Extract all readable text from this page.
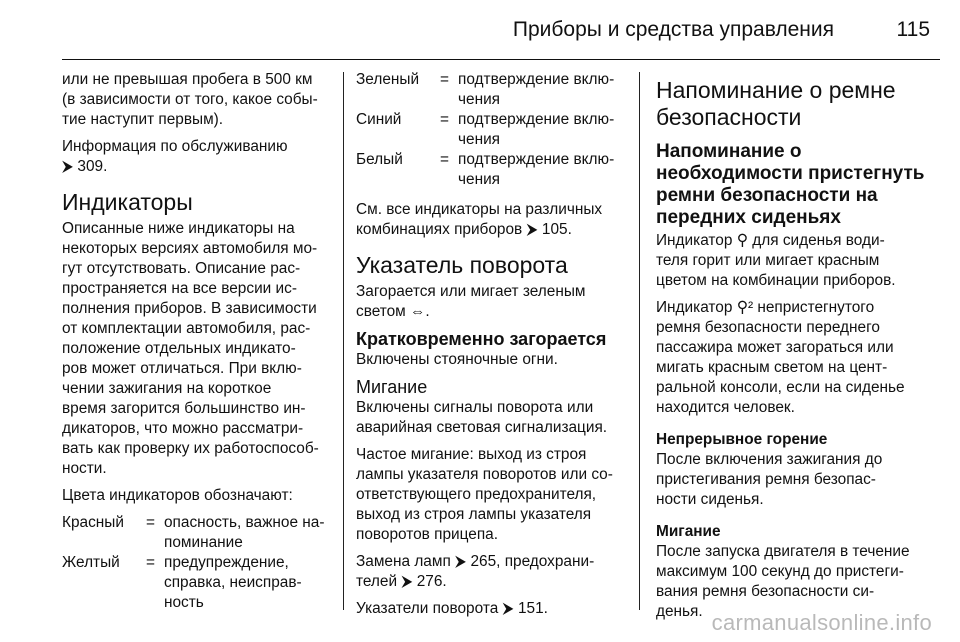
Приборы и средства управления	115

или не превышая пробега в 500 км
(в зависимости от того, какое собы-
тие наступит первым).

Информация по обслуживанию
⮞ 309.

Индикаторы

Описанные ниже индикаторы на
некоторых версиях автомобиля мо-
гут отсутствовать. Описание рас-
пространяется на все версии ис-
полнения приборов. В зависимости
от комплектации автомобиля, рас-
положение отдельных индикато-
ров может отличаться. При вклю-
чении зажигания на короткое
время загорится большинство ин-
дикаторов, что можно рассматри-
вать как проверку их работоспособ-
ности.

Цвета индикаторов обозначают:

Красный	= опасность, важное на-
поминание
Желтый	= предупреждение,
справка, неисправ-
ность
Зеленый	= подтверждение вклю-
чения
Синий	= подтверждение вклю-
чения
Белый	= подтверждение вклю-
чения

См. все индикаторы на различных
комбинациях приборов ⮞ 105.

Указатель поворота

Загорается или мигает зеленым
светом ⇔.

Кратковременно загорается

Включены стояночные огни.

Мигание

Включены сигналы поворота или
аварийная световая сигнализация.

Частое мигание: выход из строя
лампы указателя поворотов или со-
ответствующего предохранителя,
выход из строя лампы указателя
поворотов прицепа.

Замена ламп ⮞ 265, предохрани-
телей ⮞ 276.

Указатели поворота ⮞ 151.

Напоминание о ремне
безопасности
Напоминание о
необходимости пристегнуть
ремни безопасности на
передних сиденьях

Индикатор ⚲ для сиденья води-
теля горит или мигает красным
цветом на комбинации приборов.

Индикатор ⚲² непристегнутого
ремня безопасности переднего
пассажира может загораться или
мигать красным светом на цент-
ральной консоли, если на сиденье
находится человек.

Непрерывное горение

После включения зажигания до
пристегивания ремня безопас-
ности сиденья.

Мигание

После запуска двигателя в течение
максимум 100 секунд до пристеги-
вания ремня безопасности си-
денья. carmanualsonline.info
